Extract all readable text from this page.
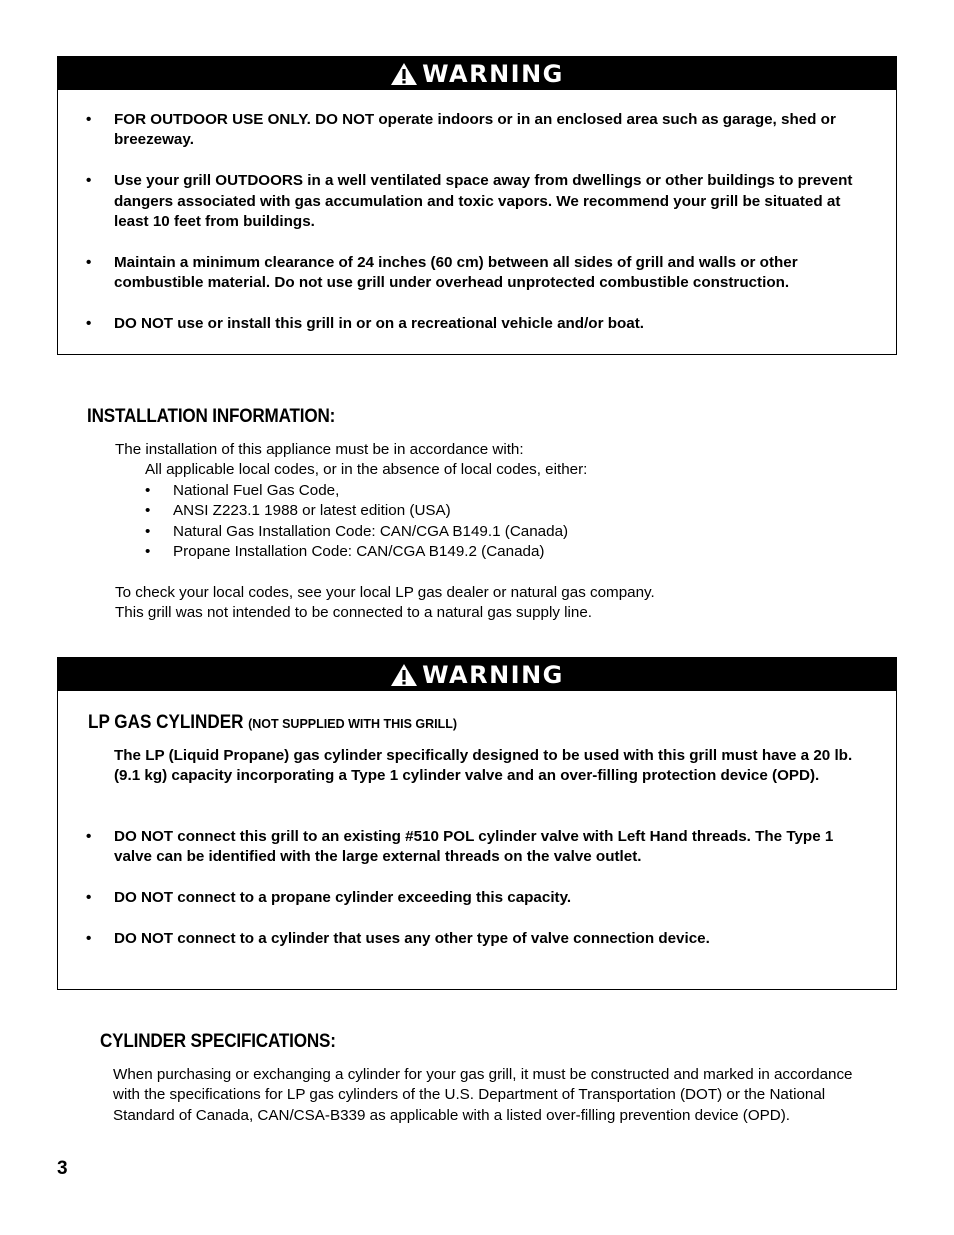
WARNING
• FOR OUTDOOR USE ONLY. DO NOT operate indoors or in an enclosed area such as garage, shed or breezeway.
• Use your grill OUTDOORS in a well ventilated space away from dwellings or other buildings to prevent dangers associated with gas accumulation and toxic vapors. We recommend your grill be situated at least 10 feet from buildings.
• Maintain a minimum clearance of 24 inches (60 cm) between all sides of grill and walls or other combustible material. Do not use grill under overhead unprotected combustible construction.
• DO NOT use or install this grill in or on a recreational vehicle and/or boat.
INSTALLATION INFORMATION:
The installation of this appliance must be in accordance with:
All applicable local codes, or in the absence of local codes, either:
• National Fuel Gas Code,
• ANSI Z223.1 1988 or latest edition (USA)
• Natural Gas Installation Code: CAN/CGA B149.1 (Canada)
• Propane Installation Code: CAN/CGA B149.2 (Canada)
To check your local codes, see your local LP gas dealer or natural gas company.
This grill was not intended to be connected to a natural gas supply line.
WARNING
LP GAS CYLINDER (NOT SUPPLIED WITH THIS GRILL)
The LP (Liquid Propane) gas cylinder specifically designed to be used with this grill must have a 20 lb. (9.1 kg) capacity incorporating a Type 1 cylinder valve and an over-filling protection device (OPD).
• DO NOT connect this grill to an existing #510 POL cylinder valve with Left Hand threads. The Type 1 valve can be identified with the large external threads on the valve outlet.
• DO NOT connect to a propane cylinder exceeding this capacity.
• DO NOT connect to a cylinder that uses any other type of valve connection device.
CYLINDER SPECIFICATIONS:
When purchasing or exchanging a cylinder for your gas grill, it must be constructed and marked in accordance with the specifications for LP gas cylinders of the U.S. Department of Transportation (DOT) or the National Standard of Canada, CAN/CSA-B339 as applicable with a listed over-filling prevention device (OPD).
3
